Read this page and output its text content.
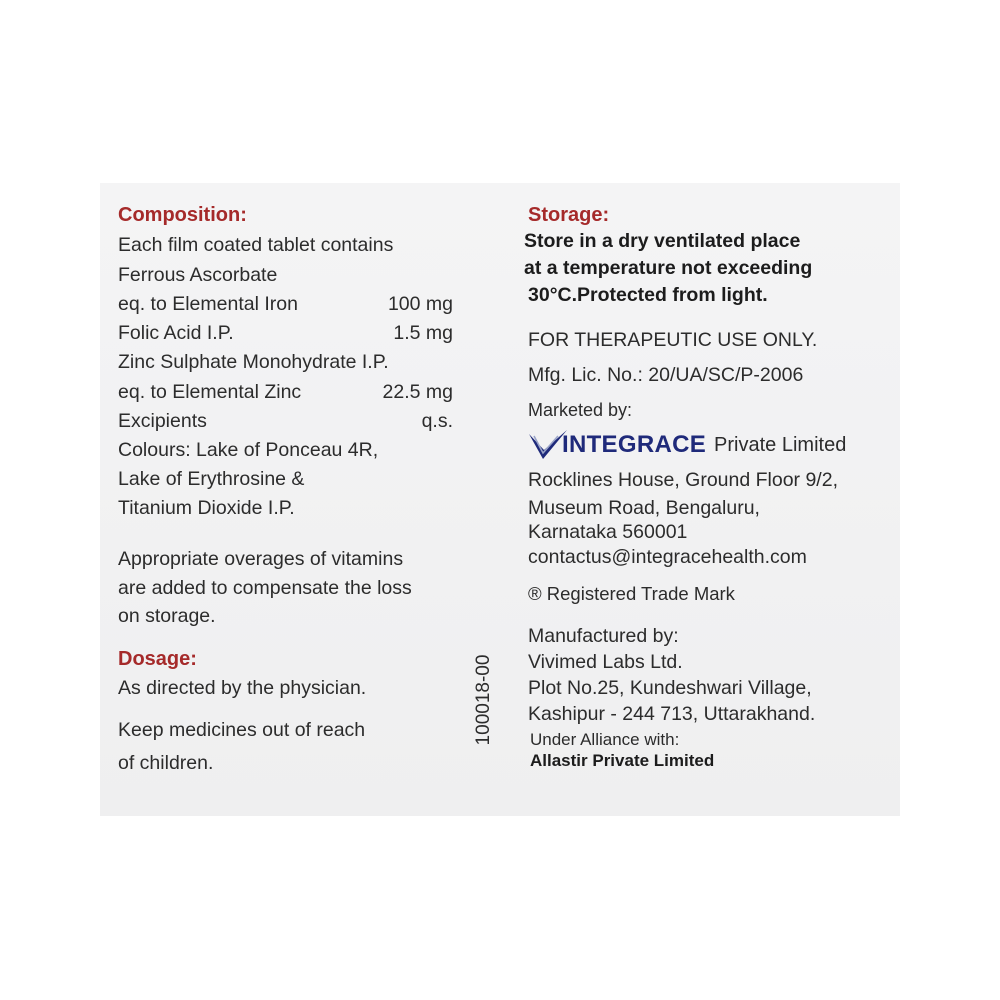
Composition:
Each film coated tablet contains
Ferrous Ascorbate
eq. to Elemental Iron	100 mg
Folic Acid I.P.	1.5 mg
Zinc Sulphate Monohydrate I.P.
eq. to Elemental Zinc	22.5 mg
Excipients	q.s.
Colours: Lake of Ponceau 4R,
Lake of Erythrosine &
Titanium Dioxide I.P.
Appropriate overages of vitamins
are added to compensate the loss
on storage.
Dosage:
As directed by the physician.
Keep medicines out of reach
of children.
100018-00
Storage:
Store in a dry ventilated place
at a temperature not exceeding
30°C.Protected from light.
FOR THERAPEUTIC USE ONLY.
Mfg. Lic. No.: 20/UA/SC/P-2006
Marketed by:
INTEGRACE Private Limited
Rocklines House, Ground Floor 9/2,
Museum Road, Bengaluru,
Karnataka 560001
contactus@integracehealth.com
® Registered Trade Mark
Manufactured by:
Vivimed Labs Ltd.
Plot No.25, Kundeshwari Village,
Kashipur - 244 713, Uttarakhand.
Under Alliance with:
Allastir Private Limited
